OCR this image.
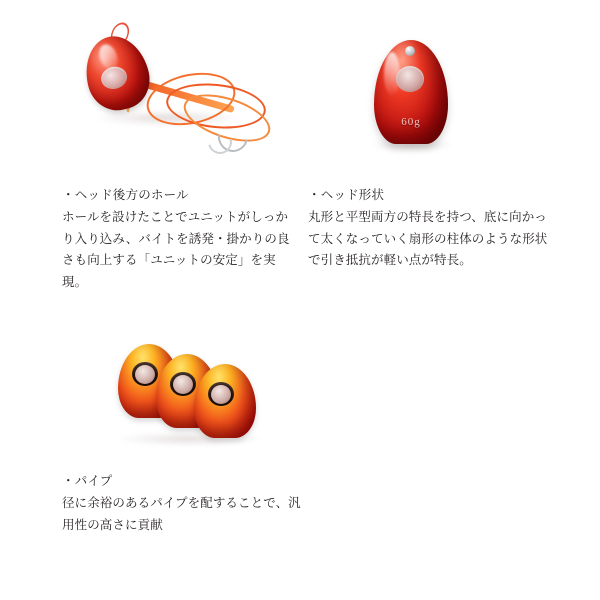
・ヘッド後方のホール

ホールを設けたことでユニットがしっかり入り込み、バイトを誘発・掛かりの良さも向上する「ユニットの安定」を実現。

60g

・ヘッド形状

丸形と平型両方の特長を持つ、底に向かって太くなっていく扇形の柱体のような形状で引き抵抗が軽い点が特長。

・パイプ

径に余裕のあるパイプを配することで、汎用性の高さに貢献
